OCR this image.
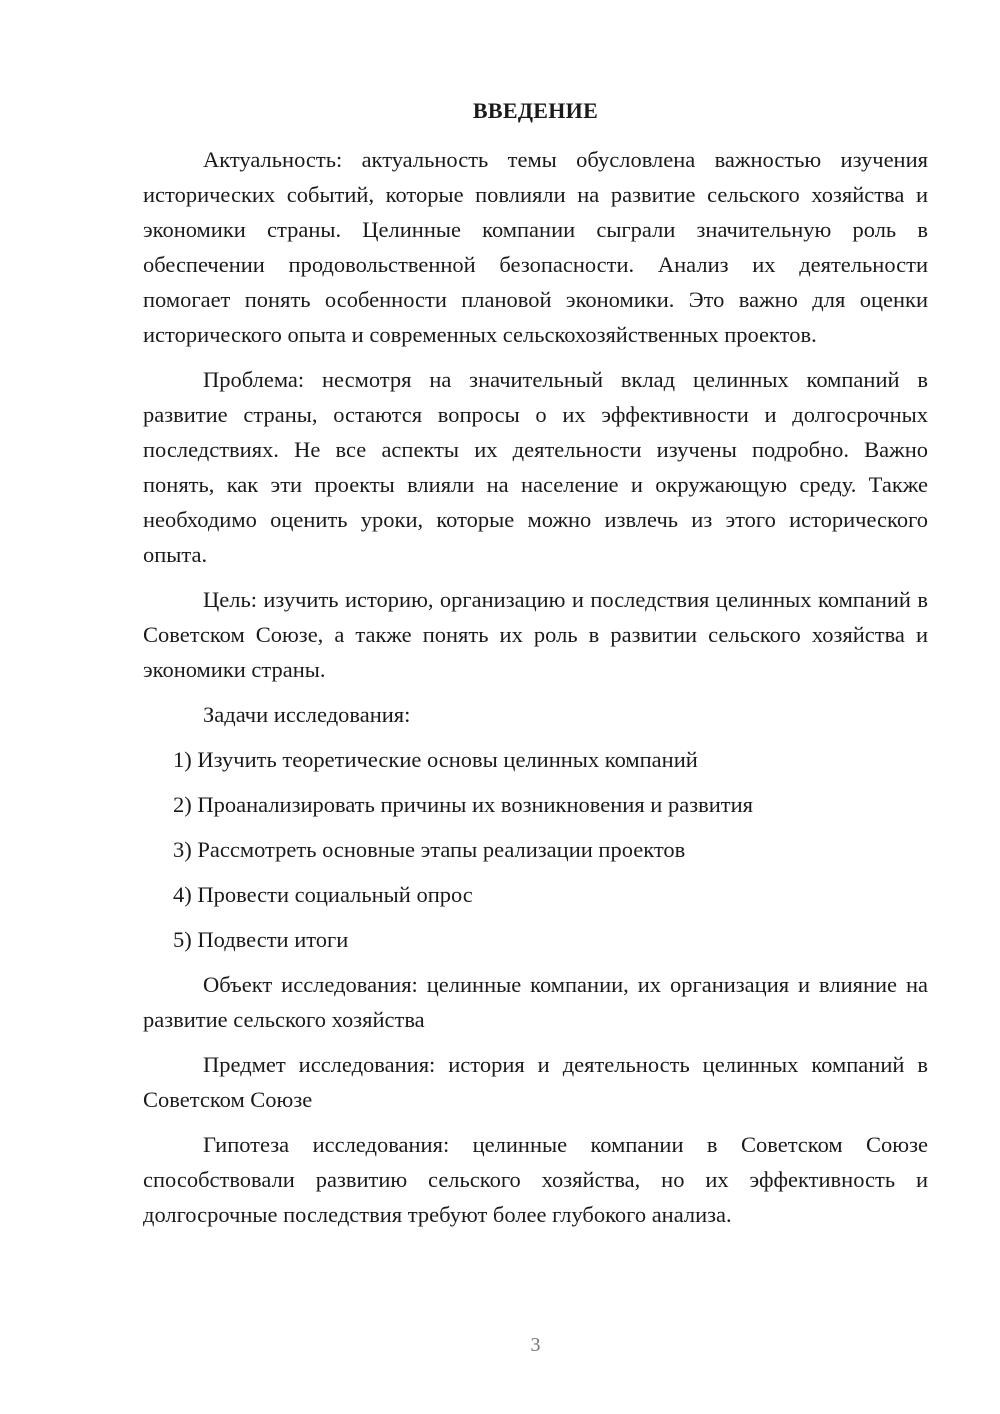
ВВЕДЕНИЕ

Актуальность: актуальность темы обусловлена важностью изучения исторических событий, которые повлияли на развитие сельского хозяйства и экономики страны. Целинные компании сыграли значительную роль в обеспечении продовольственной безопасности. Анализ их деятельности помогает понять особенности плановой экономики. Это важно для оценки исторического опыта и современных сельскохозяйственных проектов.

Проблема: несмотря на значительный вклад целинных компаний в развитие страны, остаются вопросы о их эффективности и долгосрочных последствиях. Не все аспекты их деятельности изучены подробно. Важно понять, как эти проекты влияли на население и окружающую среду. Также необходимо оценить уроки, которые можно извлечь из этого исторического опыта.

Цель: изучить историю, организацию и последствия целинных компаний в Советском Союзе, а также понять их роль в развитии сельского хозяйства и экономики страны.

Задачи исследования:

1) Изучить теоретические основы целинных компаний
2) Проанализировать причины их возникновения и развития
3) Рассмотреть основные этапы реализации проектов
4) Провести социальный опрос
5) Подвести итоги

Объект исследования: целинные компании, их организация и влияние на развитие сельского хозяйства

Предмет исследования: история и деятельность целинных компаний в Советском Союзе

Гипотеза исследования: целинные компании в Советском Союзе способствовали развитию сельского хозяйства, но их эффективность и долгосрочные последствия требуют более глубокого анализа.

3
